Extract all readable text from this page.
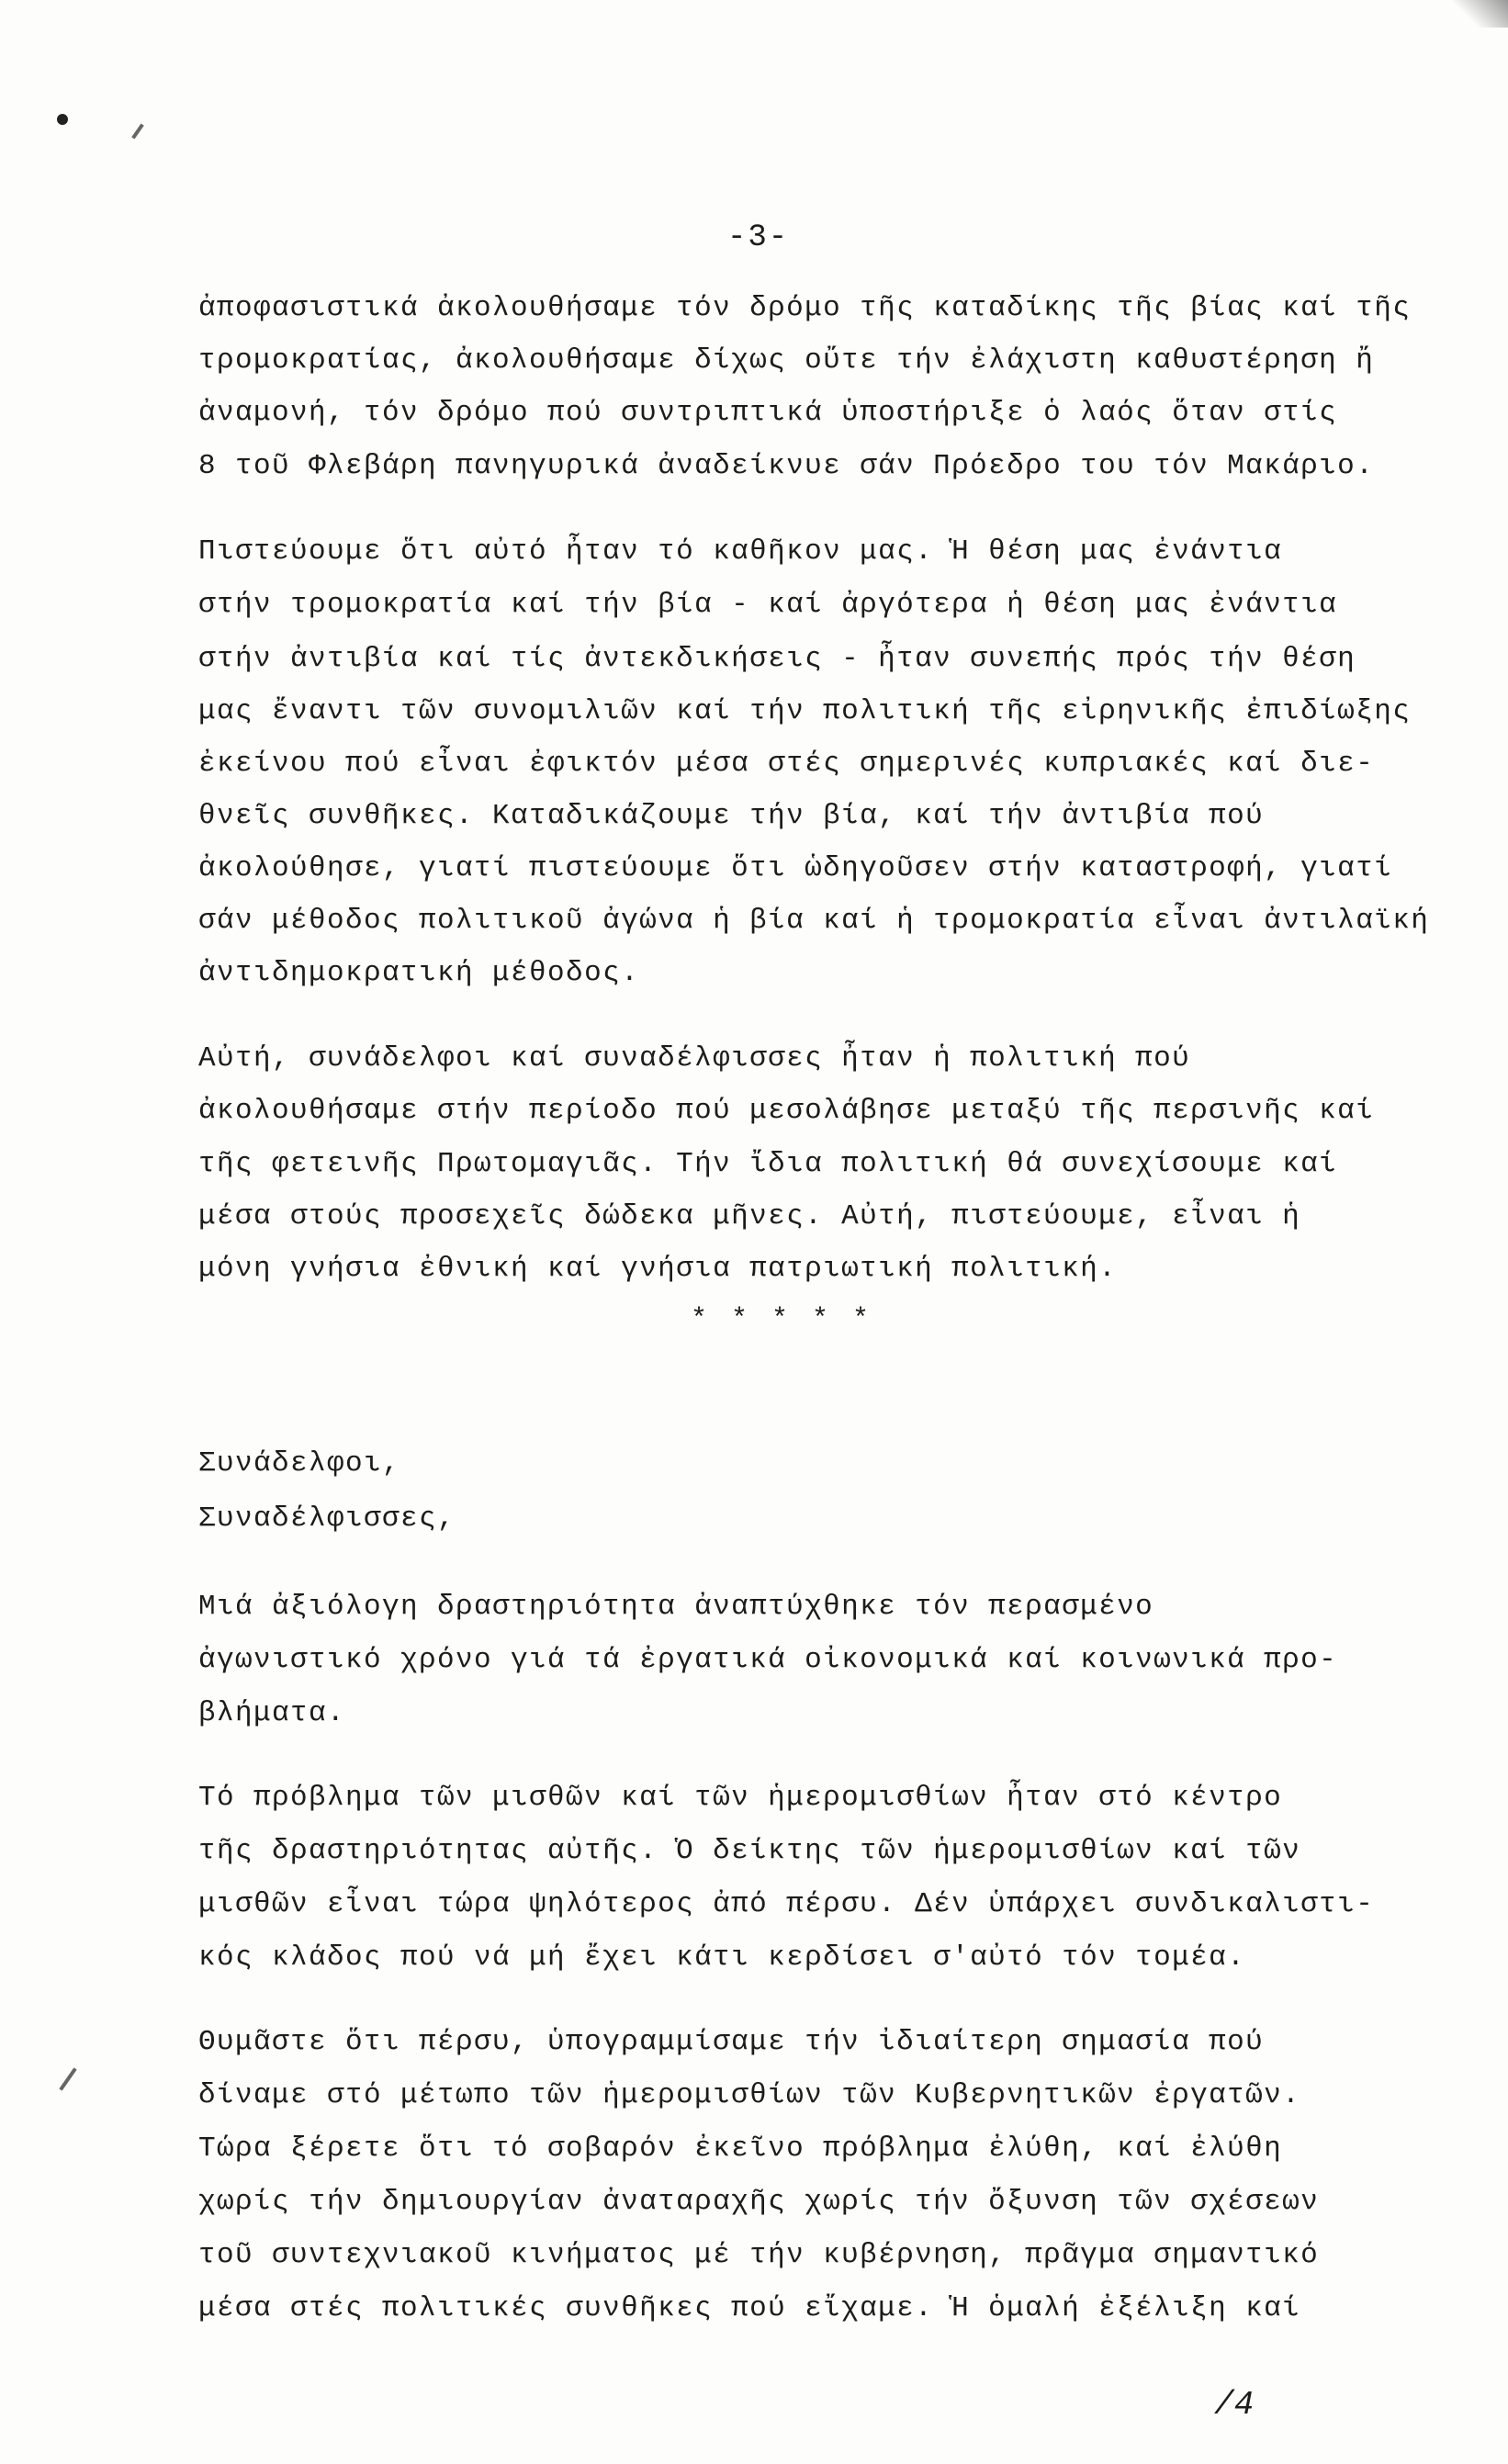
-3-
ἀποφασιστικά ἀκολουθήσαμε τόν δρόμο τῆς καταδίκης τῆς βίας καί τῆς
τρομοκρατίας, ἀκολουθήσαμε δίχως οὔτε τήν ἐλάχιστη καθυστέρηση ἤ
ἀναμονή, τόν δρόμο πού συντριπτικά ὑποστήριξε ὁ λαός ὅταν στίς
8 τοῦ Φλεβάρη πανηγυρικά ἀναδείκνυε σάν Πρόεδρο του τόν Μακάριο.
Πιστεύουμε ὅτι αὐτό ἦταν τό καθῆκον μας. Ἡ θέση μας ἐνάντια
στήν τρομοκρατία καί τήν βία - καί ἀργότερα ἡ θέση μας ἐνάντια
στήν ἀντιβία καί τίς ἀντεκδικήσεις - ἦταν συνεπής πρός τήν θέση
μας ἔναντι τῶν συνομιλιῶν καί τήν πολιτική τῆς εἰρηνικῆς ἐπιδίωξης
ἐκείνου πού εἶναι ἐφικτόν μέσα στές σημερινές κυπριακές καί διε-
θνεῖς συνθῆκες. Καταδικάζουμε τήν βία, καί τήν ἀντιβία πού
ἀκολούθησε, γιατί πιστεύουμε ὅτι ὡδηγοῦσεν στήν καταστροφή, γιατί
σάν μέθοδος πολιτικοῦ ἀγώνα ἡ βία καί ἡ τρομοκρατία εἶναι ἀντιλαϊκή
ἀντιδημοκρατική μέθοδος.
Αὐτή, συνάδελφοι καί συναδέλφισσες ἦταν ἡ πολιτική πού
ἀκολουθήσαμε στήν περίοδο πού μεσολάβησε μεταξύ τῆς περσινῆς καί
τῆς φετεινῆς Πρωτομαγιᾶς. Τήν ἴδια πολιτική θά συνεχίσουμε καί
μέσα στούς προσεχεῖς δώδεκα μῆνες. Αὐτή, πιστεύουμε, εἶναι ἡ
μόνη γνήσια ἐθνική καί γνήσια πατριωτική πολιτική.
* * * * *
Συνάδελφοι,
Συναδέλφισσες,
Μιά ἀξιόλογη δραστηριότητα ἀναπτύχθηκε τόν περασμένο
ἀγωνιστικό χρόνο γιά τά ἐργατικά οἰκονομικά καί κοινωνικά προ-
βλήματα.
Τό πρόβλημα τῶν μισθῶν καί τῶν ἡμερομισθίων ἦταν στό κέντρο
τῆς δραστηριότητας αὐτῆς. Ὁ δείκτης τῶν ἡμερομισθίων καί τῶν
μισθῶν εἶναι τώρα ψηλότερος ἀπό πέρσυ. Δέν ὑπάρχει συνδικαλιστι-
κός κλάδος πού νά μή ἔχει κάτι κερδίσει σ'αὐτό τόν τομέα.
Θυμᾶστε ὅτι πέρσυ, ὑπογραμμίσαμε τήν ἰδιαίτερη σημασία πού
δίναμε στό μέτωπο τῶν ἡμερομισθίων τῶν Κυβερνητικῶν ἐργατῶν.
Τώρα ξέρετε ὅτι τό σοβαρόν ἐκεῖνο πρόβλημα ἐλύθη, καί ἐλύθη
χωρίς τήν δημιουργίαν ἀναταραχῆς χωρίς τήν ὄξυνση τῶν σχέσεων
τοῦ συντεχνιακοῦ κινήματος μέ τήν κυβέρνηση, πρᾶγμα σημαντικό
μέσα στές πολιτικές συνθῆκες πού εἴχαμε. Ἡ ὁμαλή ἐξέλιξη καί
/4
